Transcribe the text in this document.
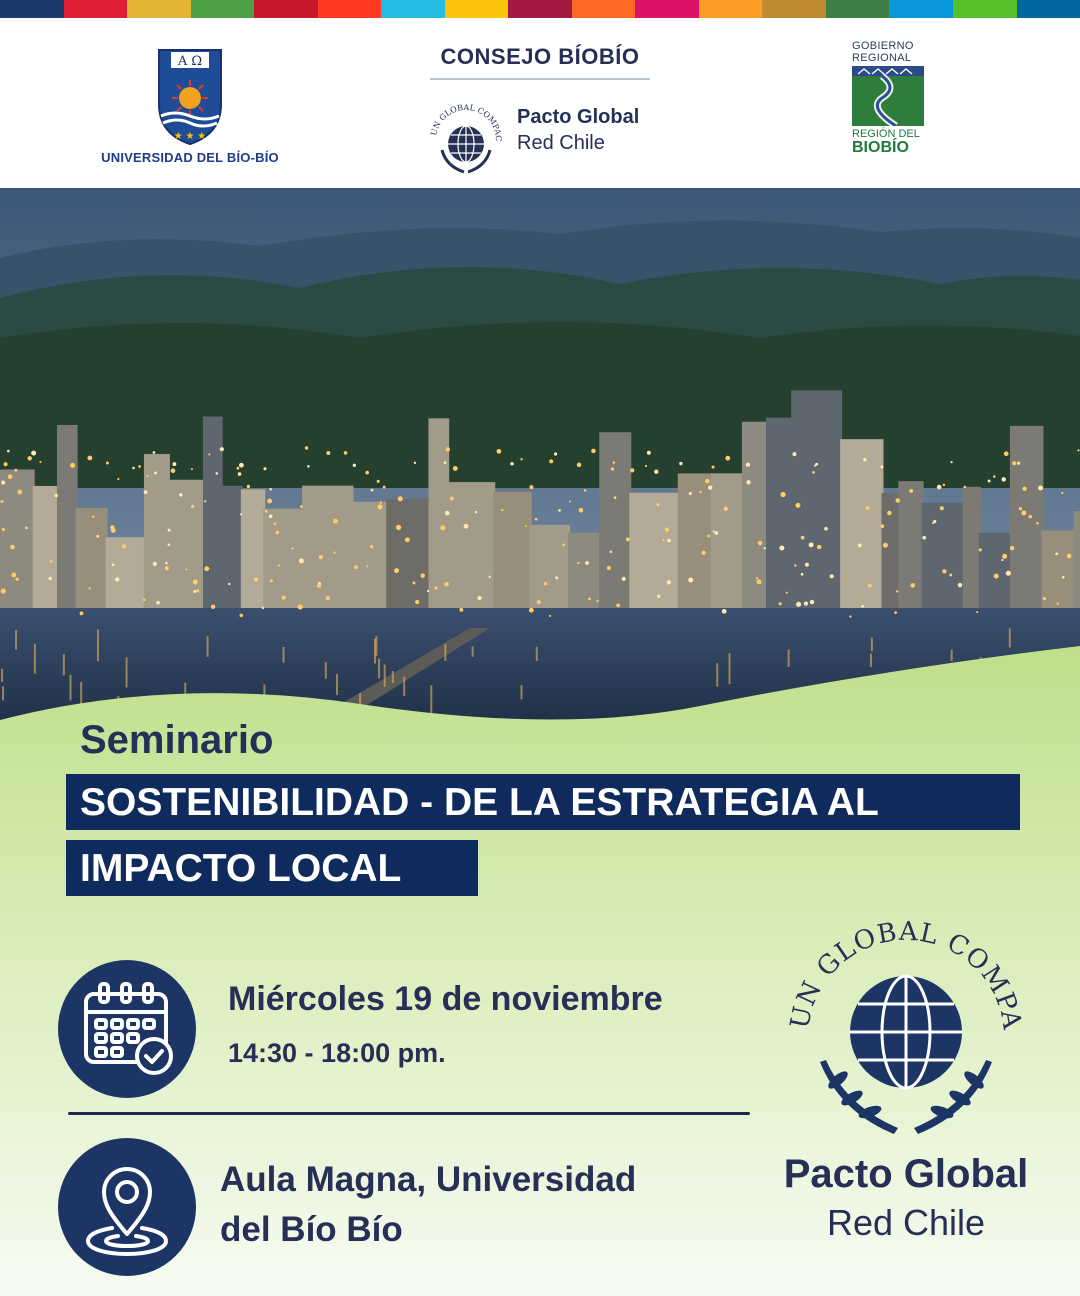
A Ω
★ ★ ★
UNIVERSIDAD DEL BÍO-BÍO
CONSEJO BÍOBÍO
UN GLOBAL COMPAC
Pacto Global
Red Chile
GOBIERNO
REGIONAL
REGIÓN DEL
BIOBÍO
Seminario
SOSTENIBILIDAD - DE LA ESTRATEGIA AL
IMPACTO LOCAL
Miércoles 19 de noviembre
14:30 - 18:00 pm.
Aula Magna, Universidad
del Bío Bío
UN GLOBAL COMPA
Pacto Global
Red Chile
